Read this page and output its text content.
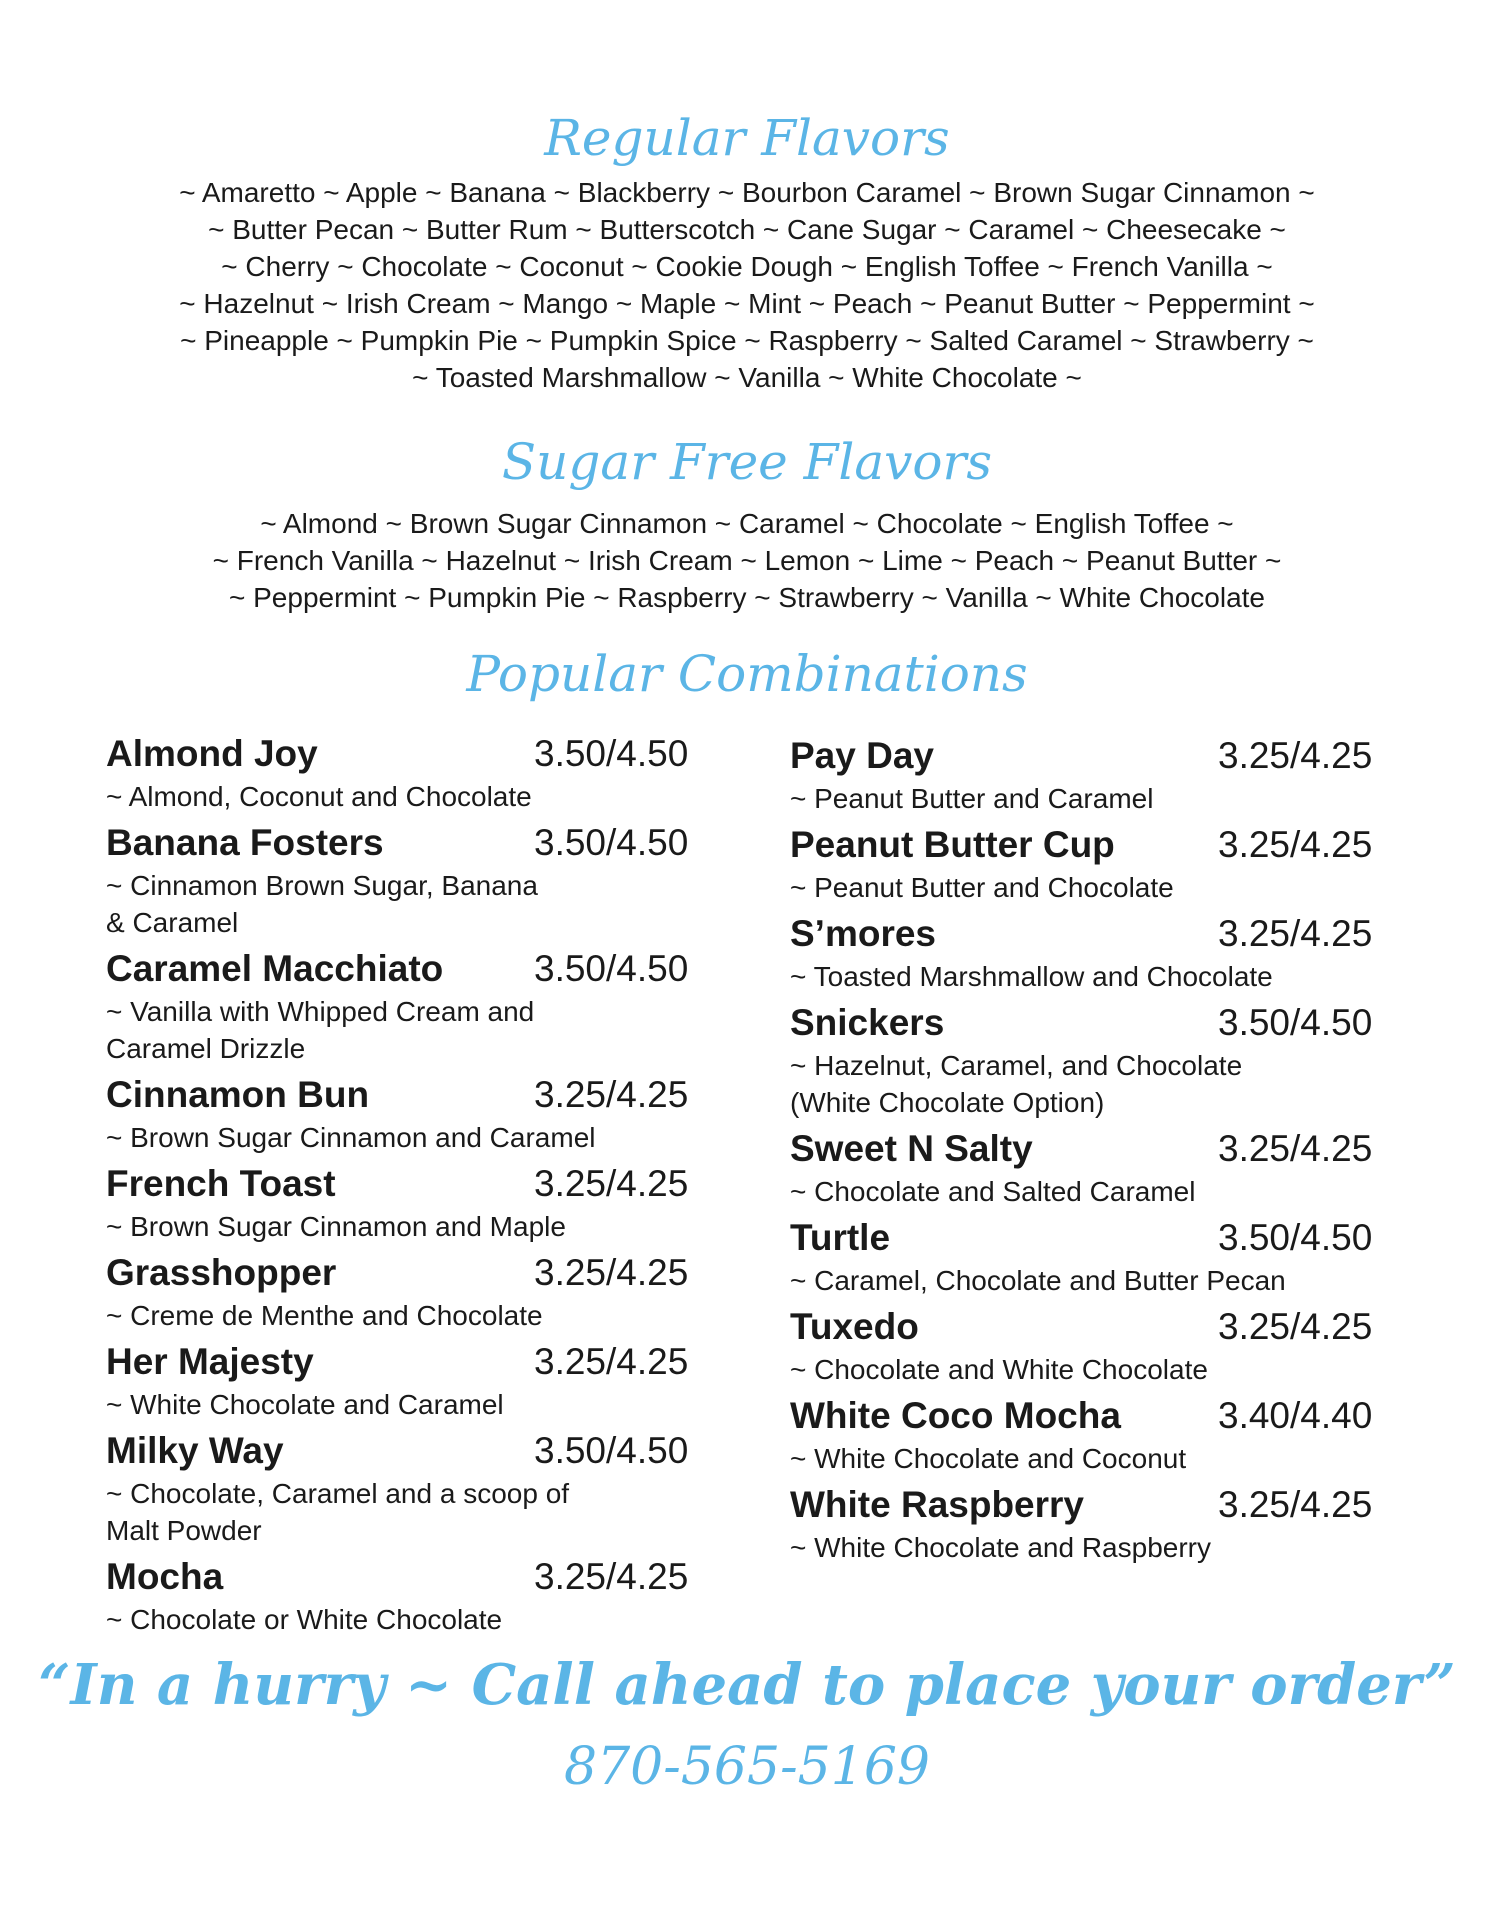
Regular Flavors
~ Amaretto ~ Apple ~ Banana ~ Blackberry ~ Bourbon Caramel ~ Brown Sugar Cinnamon ~
~ Butter Pecan ~ Butter Rum ~ Butterscotch ~ Cane Sugar ~ Caramel ~ Cheesecake ~
~ Cherry ~ Chocolate ~ Coconut ~ Cookie Dough ~ English Toffee ~ French Vanilla ~
~ Hazelnut ~ Irish Cream ~ Mango ~ Maple ~ Mint ~ Peach ~ Peanut Butter ~ Peppermint ~
~ Pineapple ~ Pumpkin Pie ~ Pumpkin Spice ~ Raspberry ~ Salted Caramel ~ Strawberry ~
~ Toasted Marshmallow ~ Vanilla ~ White Chocolate ~
Sugar Free Flavors
~ Almond ~ Brown Sugar Cinnamon ~ Caramel ~ Chocolate ~ English Toffee ~
~ French Vanilla ~ Hazelnut ~ Irish Cream ~ Lemon ~ Lime ~ Peach ~ Peanut Butter ~
~ Peppermint ~ Pumpkin Pie ~ Raspberry ~ Strawberry ~ Vanilla ~ White Chocolate
Popular Combinations
Almond Joy	3.50/4.50
~ Almond, Coconut and Chocolate
Banana Fosters	3.50/4.50
~ Cinnamon Brown Sugar, Banana
& Caramel
Caramel Macchiato	3.50/4.50
~ Vanilla with Whipped Cream and
Caramel Drizzle
Cinnamon Bun	3.25/4.25
~ Brown Sugar Cinnamon and Caramel
French Toast	3.25/4.25
~ Brown Sugar Cinnamon and Maple
Grasshopper	3.25/4.25
~ Creme de Menthe and Chocolate
Her Majesty	3.25/4.25
~ White Chocolate and Caramel
Milky Way	3.50/4.50
~ Chocolate, Caramel and a scoop of
Malt Powder
Mocha	3.25/4.25
~ Chocolate or White Chocolate
Pay Day	3.25/4.25
~ Peanut Butter and Caramel
Peanut Butter Cup	3.25/4.25
~ Peanut Butter and Chocolate
S’mores	3.25/4.25
~ Toasted Marshmallow and Chocolate
Snickers	3.50/4.50
~ Hazelnut, Caramel, and Chocolate
(White Chocolate Option)
Sweet N Salty	3.25/4.25
~ Chocolate and Salted Caramel
Turtle	3.50/4.50
~ Caramel, Chocolate and Butter Pecan
Tuxedo	3.25/4.25
~ Chocolate and White Chocolate
White Coco Mocha	3.40/4.40
~ White Chocolate and Coconut
White Raspberry	3.25/4.25
~ White Chocolate and Raspberry
“In a hurry ~ Call ahead to place your order”
870-565-5169
